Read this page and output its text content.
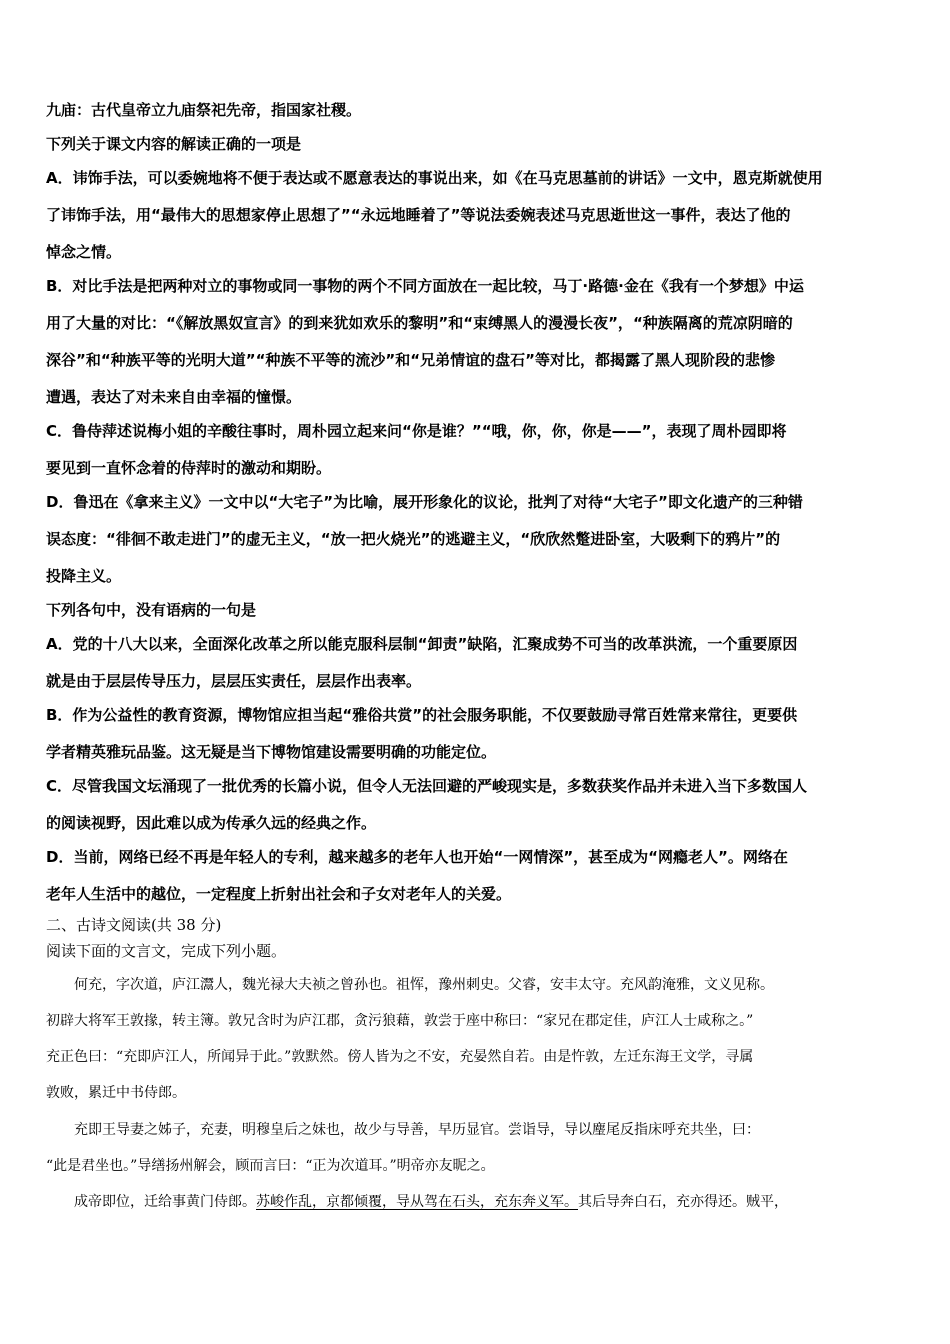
九庙：古代皇帝立九庙祭祀先帝，指国家社稷。
下列关于课文内容的解读正确的一项是
A．讳饰手法，可以委婉地将不便于表达或不愿意表达的事说出来，如《在马克思墓前的讲话》一文中，恩克斯就使用
了讳饰手法，用“最伟大的思想家停止思想了”“永远地睡着了”等说法委婉表述马克思逝世这一事件，表达了他的
悼念之情。
B．对比手法是把两种对立的事物或同一事物的两个不同方面放在一起比较，马丁·路德·金在《我有一个梦想》中运
用了大量的对比：“《解放黑奴宣言》的到来犹如欢乐的黎明”和“束缚黑人的漫漫长夜”，“种族隔离的荒凉阴暗的
深谷”和“种族平等的光明大道”“种族不平等的流沙”和“兄弟情谊的盘石”等对比，都揭露了黑人现阶段的悲惨
遭遇，表达了对未来自由幸福的憧憬。
C．鲁侍萍述说梅小姐的辛酸往事时，周朴园立起来问“你是谁？”“哦，你，你，你是——”，表现了周朴园即将
要见到一直怀念着的侍萍时的激动和期盼。
D．鲁迅在《拿来主义》一文中以“大宅子”为比喻，展开形象化的议论，批判了对待“大宅子”即文化遗产的三种错
误态度：“徘徊不敢走进门”的虚无主义，“放一把火烧光”的逃避主义，“欣欣然蹩进卧室，大吸剩下的鸦片”的
投降主义。
下列各句中，没有语病的一句是
A．党的十八大以来，全面深化改革之所以能克服科层制“卸责”缺陷，汇聚成势不可当的改革洪流，一个重要原因
就是由于层层传导压力，层层压实责任，层层作出表率。
B．作为公益性的教育资源，博物馆应担当起“雅俗共赏”的社会服务职能，不仅要鼓励寻常百姓常来常往，更要供
学者精英雅玩品鉴。这无疑是当下博物馆建设需要明确的功能定位。
C．尽管我国文坛涌现了一批优秀的长篇小说，但令人无法回避的严峻现实是，多数获奖作品并未进入当下多数国人
的阅读视野，因此难以成为传承久远的经典之作。
D．当前，网络已经不再是年轻人的专利，越来越多的老年人也开始“一网情深”，甚至成为“网瘾老人”。网络在
老年人生活中的越位，一定程度上折射出社会和子女对老年人的关爱。
二、古诗文阅读(共 38 分)
阅读下面的文言文，完成下列小题。
　　何充，字次道，庐江灊人，魏光禄大夫祯之曾孙也。祖恽，豫州刺史。父睿，安丰太守。充风韵淹雅，文义见称。
初辟大将军王敦掾，转主簿。敦兄含时为庐江郡，贪污狼藉，敦尝于座中称曰：“家兄在郡定佳，庐江人士咸称之。”
充正色曰：“充即庐江人，所闻异于此。”敦默然。傍人皆为之不安，充晏然自若。由是忤敦，左迁东海王文学，寻属
敦败，累迁中书侍郎。
　　充即王导妻之姊子，充妻，明穆皇后之妹也，故少与导善，早历显官。尝诣导，导以麈尾反指床呼充共坐，曰：
“此是君坐也。”导缮扬州解会，顾而言曰：“正为次道耳。”明帝亦友昵之。
　　成帝即位，迁给事黄门侍郎。苏峻作乱，京都倾覆，导从驾在石头，充东奔义军。其后导奔白石，充亦得还。贼平，
